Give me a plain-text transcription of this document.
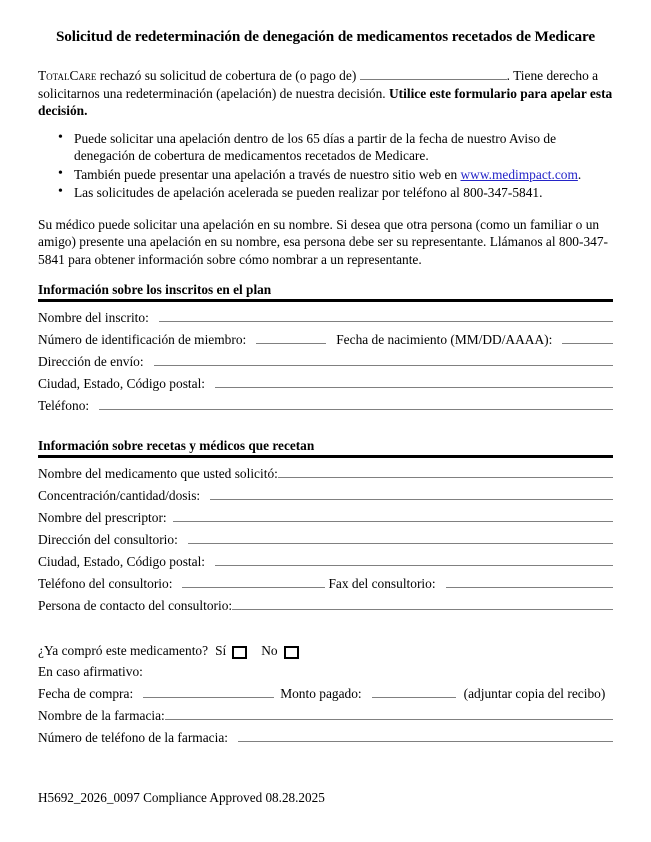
Solicitud de redeterminación de denegación de medicamentos recetados de Medicare

TotalCare rechazó su solicitud de cobertura de (o pago de)	. Tiene derecho a solicitarnos una redeterminación (apelación) de nuestra decisión. Utilice este formulario para apelar esta decisión.

• Puede solicitar una apelación dentro de los 65 días a partir de la fecha de nuestro Aviso de denegación de cobertura de medicamentos recetados de Medicare.
• También puede presentar una apelación a través de nuestro sitio web en www.medimpact.com.
• Las solicitudes de apelación acelerada se pueden realizar por teléfono al 800-347-5841.

Su médico puede solicitar una apelación en su nombre. Si desea que otra persona (como un familiar o un amigo) presente una apelación en su nombre, esa persona debe ser su representante. Llámanos al 800-347-5841 para obtener información sobre cómo nombrar a un representante.

Información sobre los inscritos en el plan
Nombre del inscrito:
Número de identificación de miembro:	Fecha de nacimiento (MM/DD/AAAA):
Dirección de envío:
Ciudad, Estado, Código postal:
Teléfono:
Información sobre recetas y médicos que recetan
Nombre del medicamento que usted solicitó:
Concentración/cantidad/dosis:
Nombre del prescriptor:
Dirección del consultorio:
Ciudad, Estado, Código postal:
Teléfono del consultorio:	Fax del consultorio:
Persona de contacto del consultorio:
¿Ya compró este medicamento? Sí	No
En caso afirmativo:
Fecha de compra:	Monto pagado:	(adjuntar copia del recibo)
Nombre de la farmacia:
Número de teléfono de la farmacia:
H5692_2026_0097 Compliance Approved 08.28.2025
